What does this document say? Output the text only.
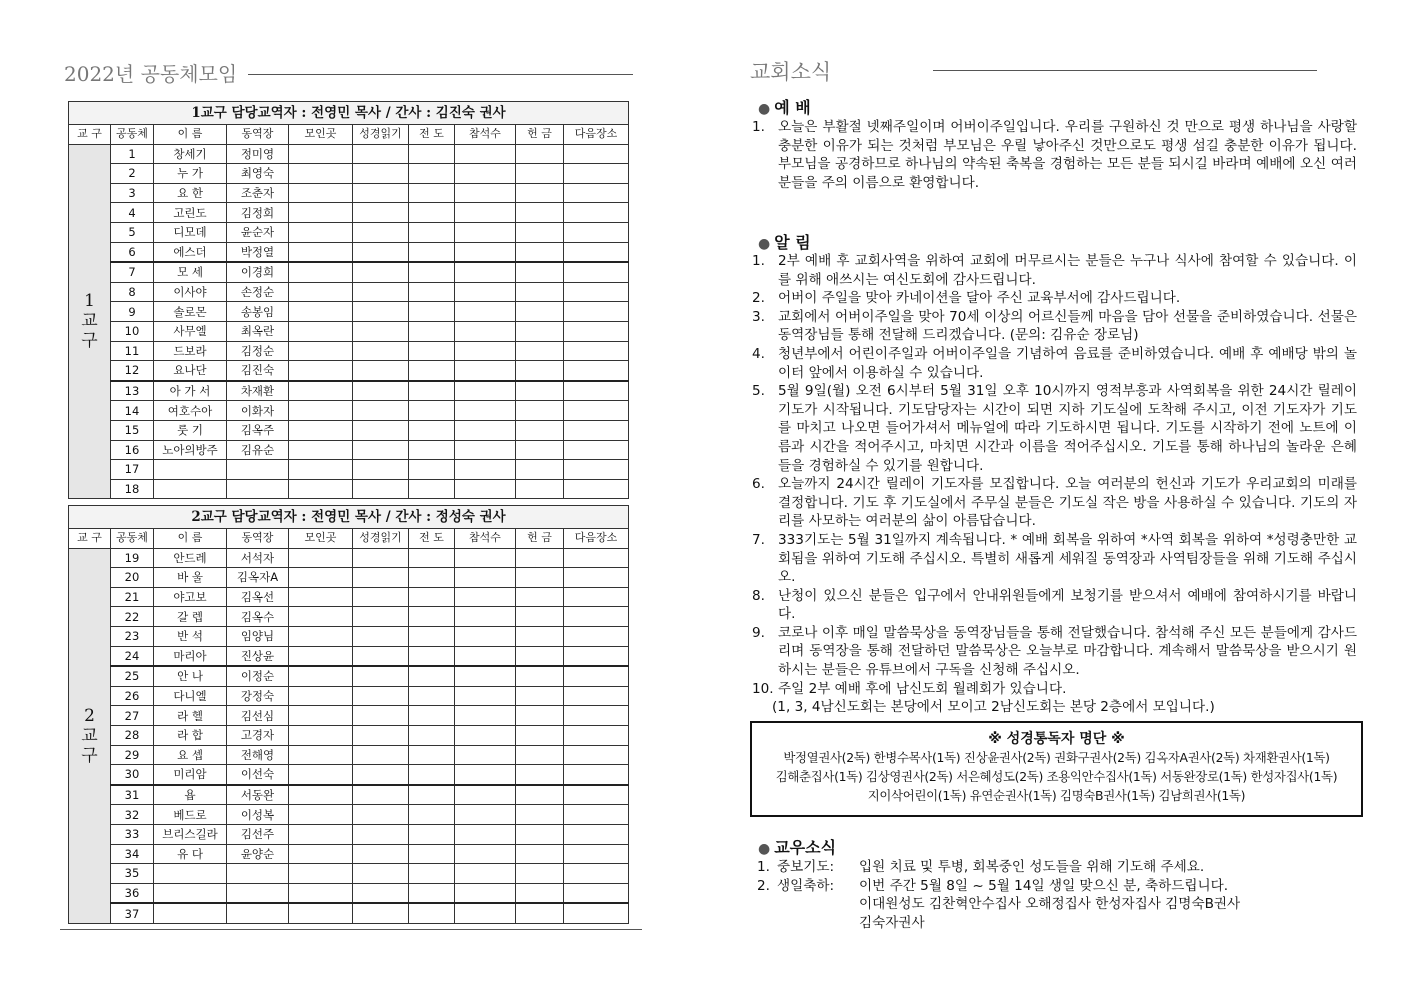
2022년 공동체모임
1교구 담당교역자 : 전영민 목사 / 간사 : 김진숙 권사									
교 구	공동체	이 름	동역장	모인곳	성경읽기	전 도	참석수	헌 금	다음장소
1
교
구	1	창세기	정미영						
	2	누 가	최영숙						
	3	요 한	조춘자						
	4	고린도	김정희						
	5	디모데	윤순자						
	6	에스더	박정열						
	7	모 세	이경희						
	8	이사야	손정순						
	9	솔로몬	송봉임						
	10	사무엘	최옥란						
	11	드보라	김정순						
	12	요나단	김진숙						
	13	아 가 서	차재환						
	14	여호수아	이화자						
	15	룻 기	김옥주						
	16	노아의방주	김유순						
	17								
	18								
2교구 담당교역자 : 전영민 목사 / 간사 : 정성숙 권사									
교 구	공동체	이 름	동역장	모인곳	성경읽기	전 도	참석수	헌 금	다음장소
2
교
구	19	안드레	서석자						
	20	바 울	김옥자A						
	21	야고보	김옥선						
	22	갈 렙	김옥수						
	23	반 석	임양님						
	24	마리아	진상윤						
	25	안 나	이정순						
	26	다니엘	강정숙						
	27	라 헬	김선심						
	28	라 합	고경자						
	29	요 셉	전해영						
	30	미리암	이선숙						
	31	욥	서동완						
	32	베드로	이성복						
	33	브리스길라	김선주						
	34	유 다	윤양순						
	35								
	36								
	37								
교회소식
● 예 배
1. 오늘은 부활절 넷째주일이며 어버이주일입니다. 우리를 구원하신 것 만으로 평생 하나님을 사랑할 충분한 이유가 되는 것처럼 부모님은 우릴 낳아주신 것만으로도 평생 섬길 충분한 이유가 됩니다. 부모님을 공경하므로 하나님의 약속된 축복을 경험하는 모든 분들 되시길 바라며 예배에 오신 여러분들을 주의 이름으로 환영합니다.
● 알 림
1. 2부 예배 후 교회사역을 위하여 교회에 머무르시는 분들은 누구나 식사에 참여할 수 있습니다. 이를 위해 애쓰시는 여신도회에 감사드립니다.
2. 어버이 주일을 맞아 카네이션을 달아 주신 교육부서에 감사드립니다.
3. 교회에서 어버이주일을 맞아 70세 이상의 어르신들께 마음을 담아 선물을 준비하였습니다. 선물은 동역장님들 통해 전달해 드리겠습니다. (문의: 김유순 장로님)
4. 청년부에서 어린이주일과 어버이주일을 기념하여 음료를 준비하였습니다. 예배 후 예배당 밖의 놀이터 앞에서 이용하실 수 있습니다.
5. 5월 9일(월) 오전 6시부터 5월 31일 오후 10시까지 영적부흥과 사역회복을 위한 24시간 릴레이 기도가 시작됩니다. 기도담당자는 시간이 되면 지하 기도실에 도착해 주시고, 이전 기도자가 기도를 마치고 나오면 들어가셔서 메뉴얼에 따라 기도하시면 됩니다. 기도를 시작하기 전에 노트에 이름과 시간을 적어주시고, 마치면 시간과 이름을 적어주십시오. 기도를 통해 하나님의 놀라운 은혜들을 경험하실 수 있기를 원합니다.
6. 오늘까지 24시간 릴레이 기도자를 모집합니다. 오늘 여러분의 헌신과 기도가 우리교회의 미래를 결정합니다. 기도 후 기도실에서 주무실 분들은 기도실 작은 방을 사용하실 수 있습니다. 기도의 자리를 사모하는 여러분의 삶이 아름답습니다.
7. 333기도는 5월 31일까지 계속됩니다. * 예배 회복을 위하여 *사역 회복을 위하여 *성령충만한 교회됨을 위하여 기도해 주십시오. 특별히 새롭게 세워질 동역장과 사역팀장들을 위해 기도해 주십시오.
8. 난청이 있으신 분들은 입구에서 안내위원들에게 보청기를 받으셔서 예배에 참여하시기를 바랍니다.
9. 코로나 이후 매일 말씀묵상을 동역장님들을 통해 전달했습니다. 참석해 주신 모든 분들에게 감사드리며 동역장을 통해 전달하던 말씀묵상은 오늘부로 마감합니다. 계속해서 말씀묵상을 받으시기 원하시는 분들은 유튜브에서 구독을 신청해 주십시오.
10. 주일 2부 예배 후에 남신도회 월례회가 있습니다.
(1, 3, 4남신도회는 본당에서 모이고 2남신도회는 본당 2층에서 모입니다.)
※ 성경통독자 명단 ※
박정열권사(2독) 한병수목사(1독) 진상윤권사(2독) 권화구권사(2독) 김옥자A권사(2독) 차재환권사(1독)
김해춘집사(1독) 김상영권사(2독) 서은혜성도(2독) 조용익안수집사(1독) 서동완장로(1독) 한성자집사(1독)
지이삭어린이(1독) 유연순권사(1독) 김명숙B권사(1독) 김남희권사(1독)
● 교우소식
1. 중보기도:	입원 치료 및 투병, 회복중인 성도들을 위해 기도해 주세요.
2. 생일축하:	이번 주간 5월 8일 ~ 5월 14일 생일 맞으신 분, 축하드립니다.
이대원성도 김찬혁안수집사 오해정집사 한성자집사 김명숙B권사
김숙자권사
